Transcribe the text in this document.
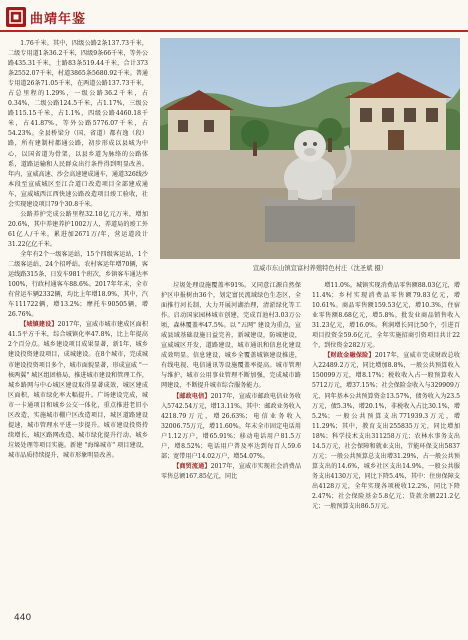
曲靖年鉴

1.76千米。其中，四级公路2条137.73千米，二级专用道1条36.2千米，四级9条66千米，等外公路435.31千米，土路83条519.44千米，合计373条2552.07千米，村道3865条5680.92千米。普通专用道26条71.05千米，在两道公路137.73千米，占总里程的1.29%，一级公路36.2千米，占0.34%，二级公路124.5千米，占1.17%，三级公路115.15千米，占1.1%，四级公路4460.18千米，占41.87%，等外公路5776.07千米，占54.23%。全县桥梁分（国、省道）都有逸（段）路，所有建制村都通公路，初步形成以县城为中心，以国省道为骨架，以县乡道为脉络的公路体系，道路运输和人民群众出行条件得到明显改善。年内，宣威高速、沙会高速建成通车，通道326线沙本段至宣威城区至江合道口改造项目全部建成通车，宣威城西江西快速公路改造项目竣工验收，社会实现建设项目79个30.8千米。

公路养护完成公路里程32.18亿元万米，增加20.6%，其中养建养护1002万人，养道局的竣工外61亿人/千米，累进加2671万/年，营运道段计31.22亿亿千米。

全年有2个一级客运站，15个四级客运站，1个二级客运站，24个招呼站。农村客运年增70辆，客运线路315条，日发车981个班次，乡镇客车通达率100%，行政村通客车88.6%。2017年年末，全市有营运车辆2332辆，均比上年增18.9%，其中，汽车111722辆，增13.2%；摩托车90505辆，增26.76%。

【城镇建设】2017年，宣威市城市建成区面积41.5平方千米，综合城镇化率47.8%，比上年提高2个百分点。城乡建设项目成果显著，新1年，城乡建设投资建设项目，成城建设。在8个城市，完成城市建设投资项目多个，城市面貌显著，形成宣威 "一核两翼" 城区组团格局，推进城市建设和管理工作，城乡路网与中心城区建设取得显著成效，城区建成区面积，城市绿化率大幅提升。广场建设完成，城市一卡通项目和城乡公交一体化，重点推进老旧小区改造，实施城市棚户区改造项目，城区道路建设提速，城市管理水平进一步提升。城市建设投资持续增长，城区路网改造、城市绿化提升行动、城乡垃圾处理等项目实施。新建 "海绵城市" 项目建设，城市品质持续提升，城市形象明显改善。

宣威市东山镇宣富村养殖特色村庄（沈圣斌 摄）

垃圾处理设施覆盖率91%。又同意江源自然保护区申报树由36个，划定富民流域绿色生态区，全面推行河长制，大力开展河湖治理，清淤绿化等工作。启动国家园林城市创建，完成百池村3.03万公顷，森林覆盖率47.5%。以 "五网" 建设为重点，宣威县域基础设施日益完善，新城建设，防城建设，宣威城区开发，道路建设，城市通讯和信息化建设成效明显。信息建设，城乡全覆盖城镇建设推进，有线电视、电信通讯等设施覆盖率提高。城市管理与维护，城市公用事业管理不断加强，完成城市路网建设，不断提升城市综合服务能力。

【邮政电信】2017年，宣威市邮政电信业务收入5742.54万元，增13.11%。其中：邮政业务收入4218.79万元，增26.63%；电信业务收入32006.75万元，增11.60%。年末全市固定电话用户1.12万户，增65.91%；移动电话用户81.5万户，增8.52%；电话用户普及率达到每百人59.6部；宽带用户14.02万户，增54.07%。

【商贸流通】2017年，宣威市实现社会消费品零售总额167.85亿元，同比

增11.0%。城镇实现消费品零售额88.03亿元，增11.4%；乡村实现消费品零售额79.83亿元，增10.61%。商品零售额159.53亿元，增10.3%，住宿业零售额8.68亿元，增5.8%。批发业商品销售收入31.23亿元，增16.0%。利润增长同比50个，引进百项目投资金59.6亿元，全年实施招商引资项目共计22个，到位资金282万元。

【财政金融保险】2017年，宣威市完成财政总收入22489.2万元，同比增加8.8%，一般公共预算收入150099万元，增8.17%；税收收入占一般预算收入5712万元，增37.15%；社会保险金收入与329909万元，同年基本公共预算资金13.57%，债务收入为23.5万元，债5.3%，增20.1%，非税收入占比30.1%，增5.2%；一般公共预算支出771939.3万元，增11.29%；其中，教育支出255835万元，同比增加18%；科学技术支出311258万元；农林水事务支出14.5万元，社会保障和就业支出，节能环保支出5837万元；一般公共预算总支出增31.29%，占一般公共预算支出的14.6%，城乡社区支出14.9%，一般公共服务支出4130万元，同比下降5.4%，其中：住房保障支出4128万元，全年实现各项税收12.2%，同比下降2.47%；社会保险基金5.8亿元；贷款余额221.2亿元；一般预算支出86.5万元。

440
